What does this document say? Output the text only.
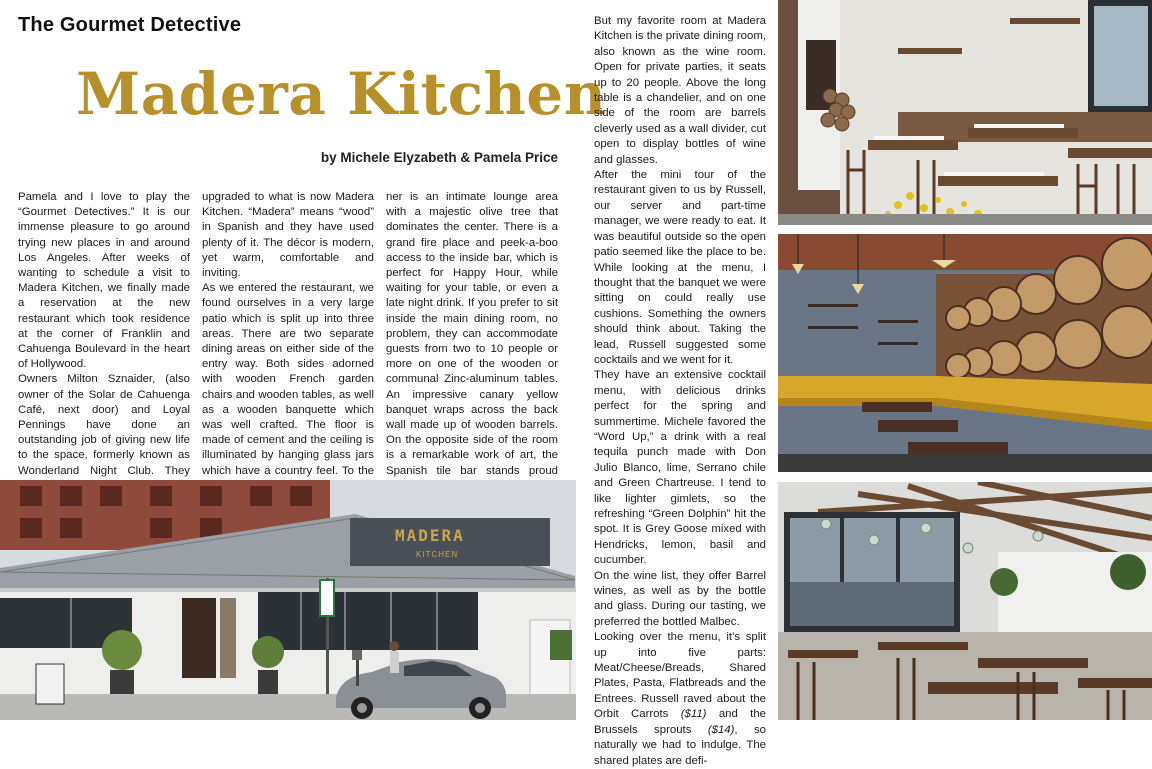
The Gourmet Detective
Madera Kitchen
by Michele Elyzabeth & Pamela Price

Pamela and I love to play the “Gourmet Detectives.” It is our immense pleasure to go around trying new places in and around Los Angeles. After weeks of wanting to schedule a visit to Madera Kitchen, we finally made a reservation at the new restaurant which took residence at the corner of Franklin and Cahuenga Boulevard in the heart of Hollywood.

Owners Milton Sznaider, (also owner of the Solar de Cahuenga Café, next door) and Loyal Pennings have done an outstanding job of giving new life to the space, formerly known as Wonderland Night Club. They

upgraded to what is now Madera Kitchen. “Madera” means “wood” in Spanish and they have used plenty of it. The décor is modern, yet warm, comfortable and inviting.

As we entered the restaurant, we found ourselves in a very large patio which is split up into three areas. There are two separate dining areas on either side of the entry way. Both sides adorned with wooden French garden chairs and wooden tables, as well as a wooden banquette which was well crafted. The floor is made of cement and the ceiling is illuminated by hanging glass jars which have a country feel. To the

ner is an intimate lounge area with a majestic olive tree that dominates the center. There is a grand fire place and peek-a-boo access to the inside bar, which is perfect for Happy Hour, while waiting for your table, or even a late night drink. If you prefer to sit inside the main dining room, no problem, they can accommodate guests from two to 10 people or more on one of the wooden or communal Zinc-aluminum tables. An impressive canary yellow banquet wraps across the back wall made up of wooden barrels. On the opposite side of the room is a remarkable work of art, the Spanish tile bar stands proud

But my favorite room at Madera Kitchen is the private dining room, also known as the wine room. Open for private parties, it seats up to 20 people. Above the long table is a chandelier, and on one side of the room are barrels cleverly used as a wall divider, cut open to display bottles of wine and glasses.

After the mini tour of the restaurant given to us by Russell, our server and part-time manager, we were ready to eat. It was beautiful outside so the open patio seemed like the place to be. While looking at the menu, I thought that the banquet we were sitting on could really use cushions. Something the owners should think about. Taking the lead, Russell suggested some cocktails and we went for it.

They have an extensive cocktail menu, with delicious drinks perfect for the spring and summertime. Michele favored the “Word Up,” a drink with a real tequila punch made with Don Julio Blanco, lime, Serrano chile and Green Chartreuse. I tend to like lighter gimlets, so the refreshing “Green Dolphin” hit the spot. It is Grey Goose mixed with Hendricks, lemon, basil and cucumber.

On the wine list, they offer Barrel wines, as well as by the bottle and glass. During our tasting, we preferred the bottled Malbec.

Looking over the menu, it’s split up into five parts: Meat/Cheese/Breads, Shared Plates, Pasta, Flatbreads and the Entrees. Russell raved about the Orbit Carrots ($11) and the Brussels sprouts ($14), so naturally we had to indulge. The shared plates are defi-

MADERA
KITCHEN
